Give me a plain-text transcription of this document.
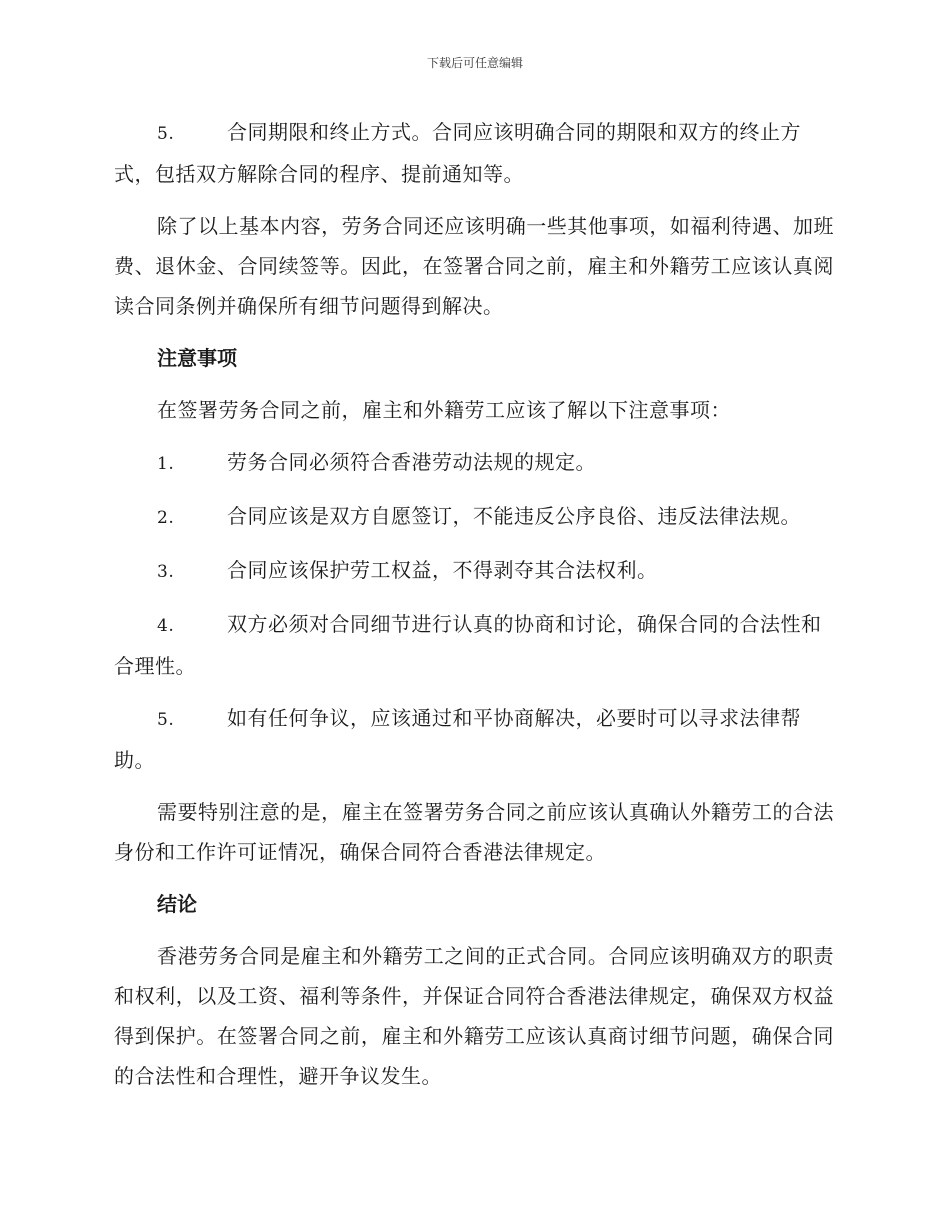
下载后可任意编辑

5.	合同期限和终止方式。合同应该明确合同的期限和双方的终止方式，包括双方解除合同的程序、提前通知等。

除了以上基本内容，劳务合同还应该明确一些其他事项，如福利待遇、加班费、退休金、合同续签等。因此，在签署合同之前，雇主和外籍劳工应该认真阅读合同条例并确保所有细节问题得到解决。

注意事项

在签署劳务合同之前，雇主和外籍劳工应该了解以下注意事项：

1.	劳务合同必须符合香港劳动法规的规定。

2.	合同应该是双方自愿签订，不能违反公序良俗、违反法律法规。

3.	合同应该保护劳工权益，不得剥夺其合法权利。

4.	双方必须对合同细节进行认真的协商和讨论，确保合同的合法性和合理性。

5.	如有任何争议，应该通过和平协商解决，必要时可以寻求法律帮助。

需要特别注意的是，雇主在签署劳务合同之前应该认真确认外籍劳工的合法身份和工作许可证情况，确保合同符合香港法律规定。

结论

香港劳务合同是雇主和外籍劳工之间的正式合同。合同应该明确双方的职责和权利，以及工资、福利等条件，并保证合同符合香港法律规定，确保双方权益得到保护。在签署合同之前，雇主和外籍劳工应该认真商讨细节问题，确保合同的合法性和合理性，避开争议发生。
